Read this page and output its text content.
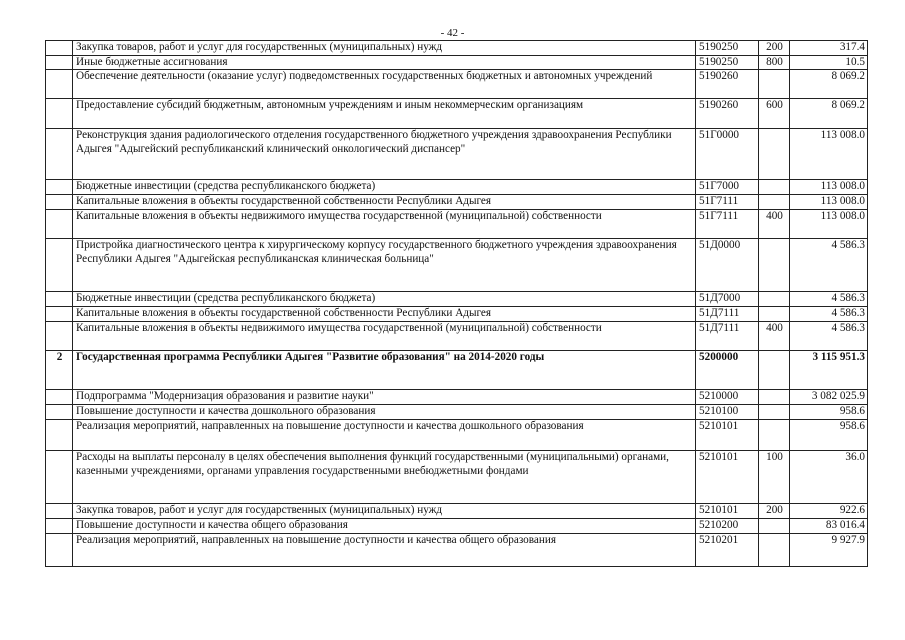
- 42 -
	Закупка товаров, работ и услуг для государственных (муниципальных) нужд	5190250	200	317.4
	Иные бюджетные ассигнования	5190250	800	10.5
	Обеспечение деятельности (оказание услуг) подведомственных государственных бюджетных и автономных учреждений	5190260		8 069.2
	Предоставление субсидий бюджетным, автономным учреждениям и иным некоммерческим организациям	5190260	600	8 069.2
	Реконструкция здания радиологического отделения государственного бюджетного учреждения здравоохранения Республики Адыгея "Адыгейский республиканский клинический онкологический диспансер"	51Г0000		113 008.0
	Бюджетные инвестиции (средства республиканского бюджета)	51Г7000		113 008.0
	Капитальные вложения в объекты государственной собственности Республики Адыгея	51Г7111		113 008.0
	Капитальные вложения в объекты недвижимого имущества государственной (муниципальной) собственности	51Г7111	400	113 008.0
	Пристройка диагностического центра к хирургическому корпусу государственного бюджетного учреждения здравоохранения Республики Адыгея "Адыгейская республиканская клиническая больница"	51Д0000		4 586.3
	Бюджетные инвестиции (средства республиканского бюджета)	51Д7000		4 586.3
	Капитальные вложения в объекты государственной собственности Республики Адыгея	51Д7111		4 586.3
	Капитальные вложения в объекты недвижимого имущества государственной (муниципальной) собственности	51Д7111	400	4 586.3
2	Государственная программа Республики Адыгея "Развитие образования" на 2014-2020 годы	5200000		3 115 951.3
	Подпрограмма "Модернизация образования и развитие науки"	5210000		3 082 025.9
	Повышение доступности и качества дошкольного образования	5210100		958.6
	Реализация мероприятий, направленных на повышение доступности и качества дошкольного образования	5210101		958.6
	Расходы на выплаты персоналу в целях обеспечения выполнения функций государственными (муниципальными) органами, казенными учреждениями, органами управления государственными внебюджетными фондами	5210101	100	36.0
	Закупка товаров, работ и услуг для государственных (муниципальных) нужд	5210101	200	922.6
	Повышение доступности и качества общего образования	5210200		83 016.4
	Реализация мероприятий, направленных на повышение доступности и качества общего образования	5210201		9 927.9
